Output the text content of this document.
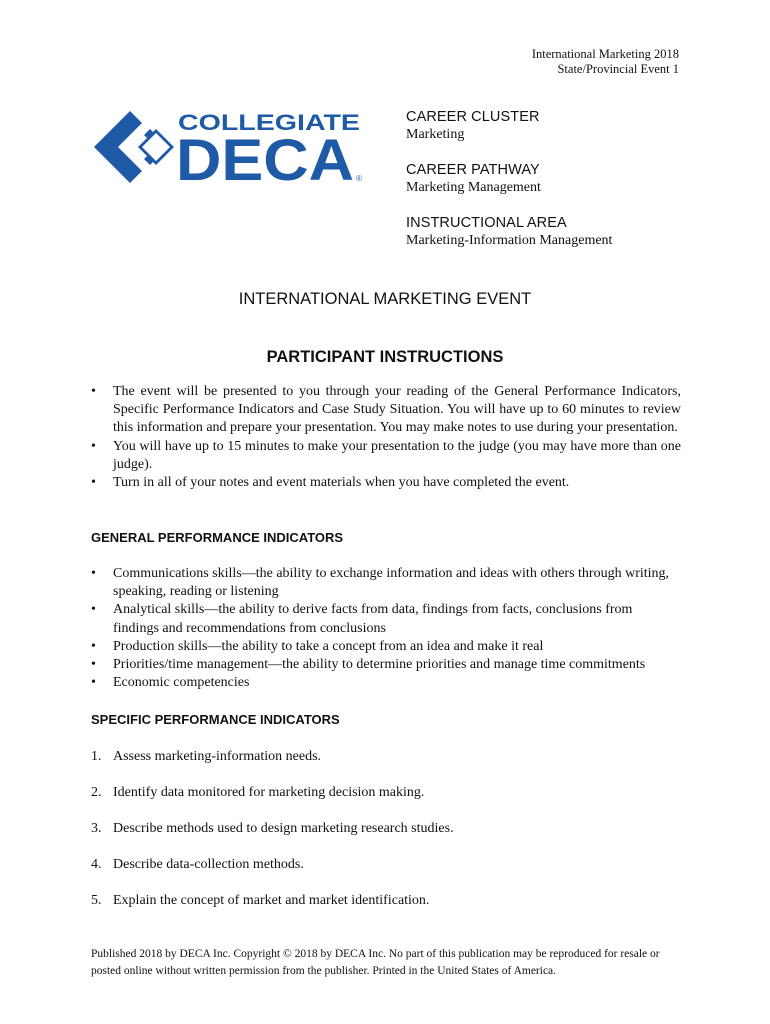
International Marketing 2018
State/Provincial Event 1
COLLEGIATE
DECA ®
CAREER CLUSTER
Marketing
CAREER PATHWAY
Marketing Management
INSTRUCTIONAL AREA
Marketing-Information Management
INTERNATIONAL MARKETING EVENT
PARTICIPANT INSTRUCTIONS
•
The event will be presented to you through your reading of the General Performance Indicators, Specific Performance Indicators and Case Study Situation. You will have up to 60 minutes to review this information and prepare your presentation. You may make notes to use during your presentation.
•
You will have up to 15 minutes to make your presentation to the judge (you may have more than one judge).
•
Turn in all of your notes and event materials when you have completed the event.
GENERAL PERFORMANCE INDICATORS
•
Communications skills—the ability to exchange information and ideas with others through writing, speaking, reading or listening
•
Analytical skills—the ability to derive facts from data, findings from facts, conclusions from findings and recommendations from conclusions
•
Production skills—the ability to take a concept from an idea and make it real
•
Priorities/time management—the ability to determine priorities and manage time commitments
•
Economic competencies
SPECIFIC PERFORMANCE INDICATORS
1. Assess marketing-information needs.
2. Identify data monitored for marketing decision making.
3. Describe methods used to design marketing research studies.
4. Describe data-collection methods.
5. Explain the concept of market and market identification.
Published 2018 by DECA Inc. Copyright © 2018 by DECA Inc. No part of this publication may be reproduced for resale or posted online without written permission from the publisher. Printed in the United States of America.
